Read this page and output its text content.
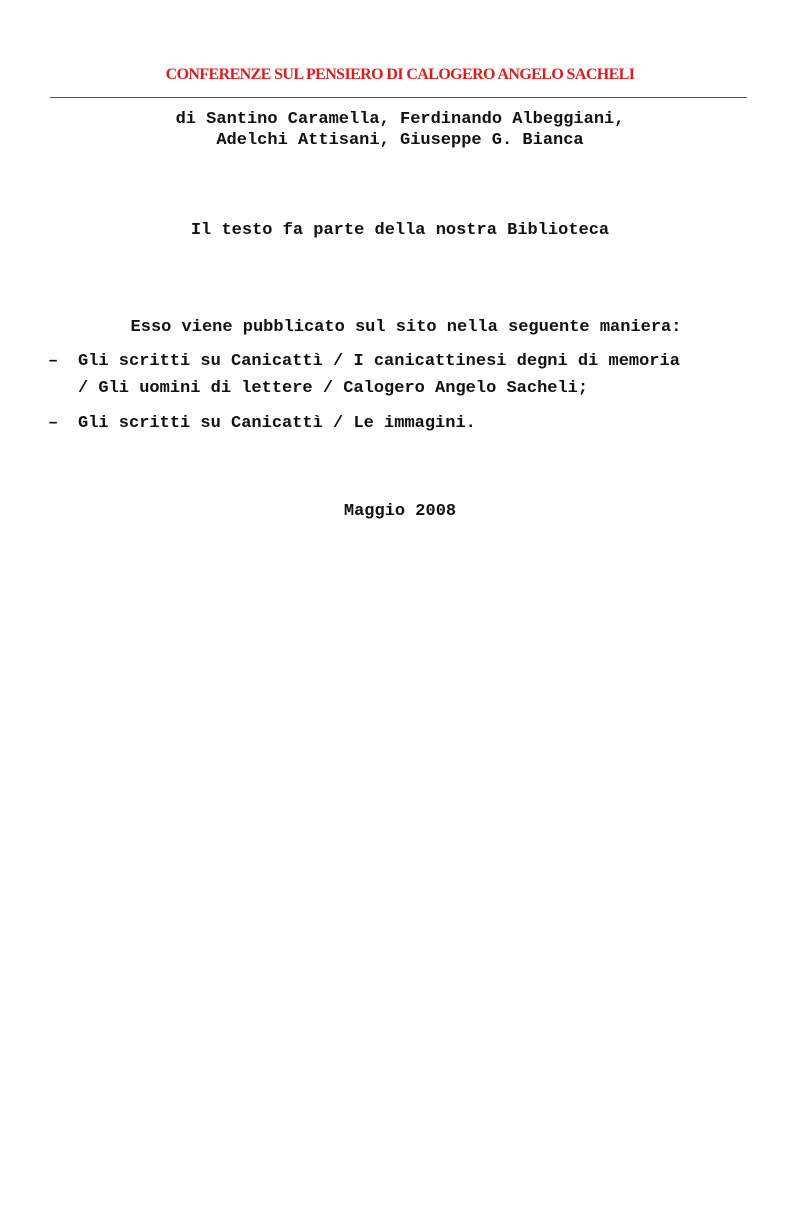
CONFERENZE SUL PENSIERO DI CALOGERO ANGELO SACHELI
di Santino Caramella, Ferdinando Albeggiani,
Adelchi Attisani, Giuseppe G. Bianca
Il testo fa parte della nostra Biblioteca
Esso viene pubblicato sul sito nella seguente maniera:
– Gli scritti su Canicattì / I canicattinesi degni di memoria
/ Gli uomini di lettere / Calogero Angelo Sacheli;
– Gli scritti su Canicattì / Le immagini.
Maggio 2008
